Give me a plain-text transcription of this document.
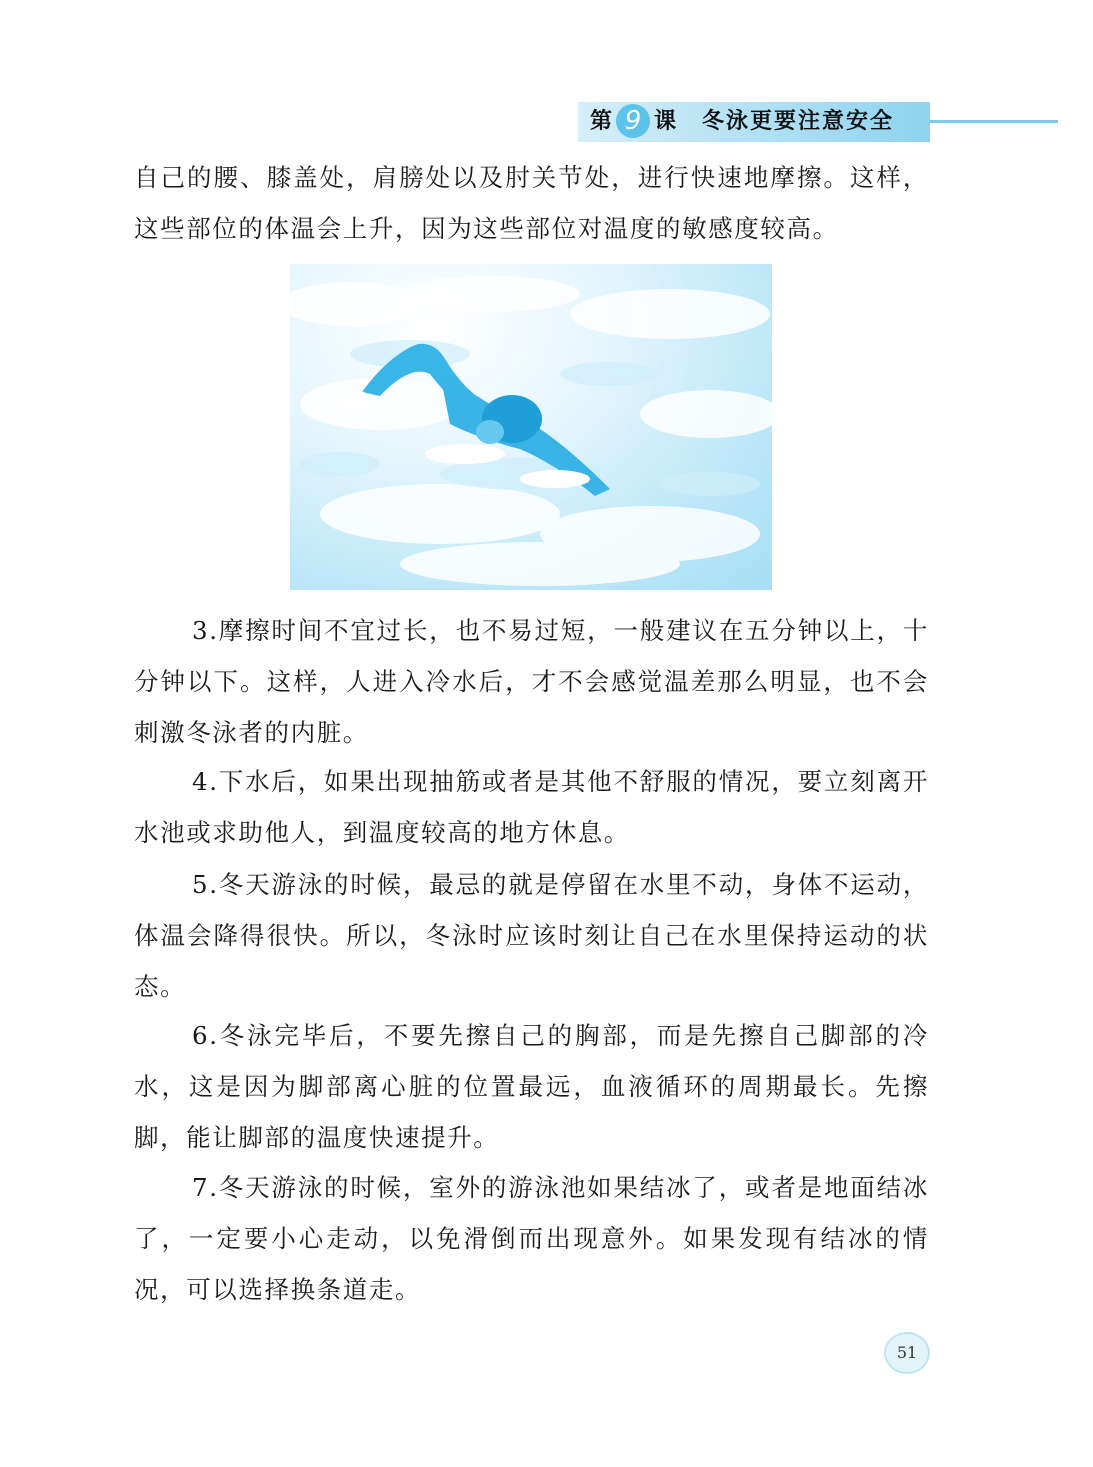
第 9 课 冬泳更要注意安全

自己的腰、膝盖处，肩膀处以及肘关节处，进行快速地摩擦。这样，这些部位的体温会上升，因为这些部位对温度的敏感度较高。

3.摩擦时间不宜过长，也不易过短，一般建议在五分钟以上，十分钟以下。这样，人进入冷水后，才不会感觉温差那么明显，也不会刺激冬泳者的内脏。

4.下水后，如果出现抽筋或者是其他不舒服的情况，要立刻离开水池或求助他人，到温度较高的地方休息。

5.冬天游泳的时候，最忌的就是停留在水里不动，身体不运动，体温会降得很快。所以，冬泳时应该时刻让自己在水里保持运动的状态。

6.冬泳完毕后，不要先擦自己的胸部，而是先擦自己脚部的冷水，这是因为脚部离心脏的位置最远，血液循环的周期最长。先擦脚，能让脚部的温度快速提升。

7.冬天游泳的时候，室外的游泳池如果结冰了，或者是地面结冰了，一定要小心走动，以免滑倒而出现意外。如果发现有结冰的情况，可以选择换条道走。

51
